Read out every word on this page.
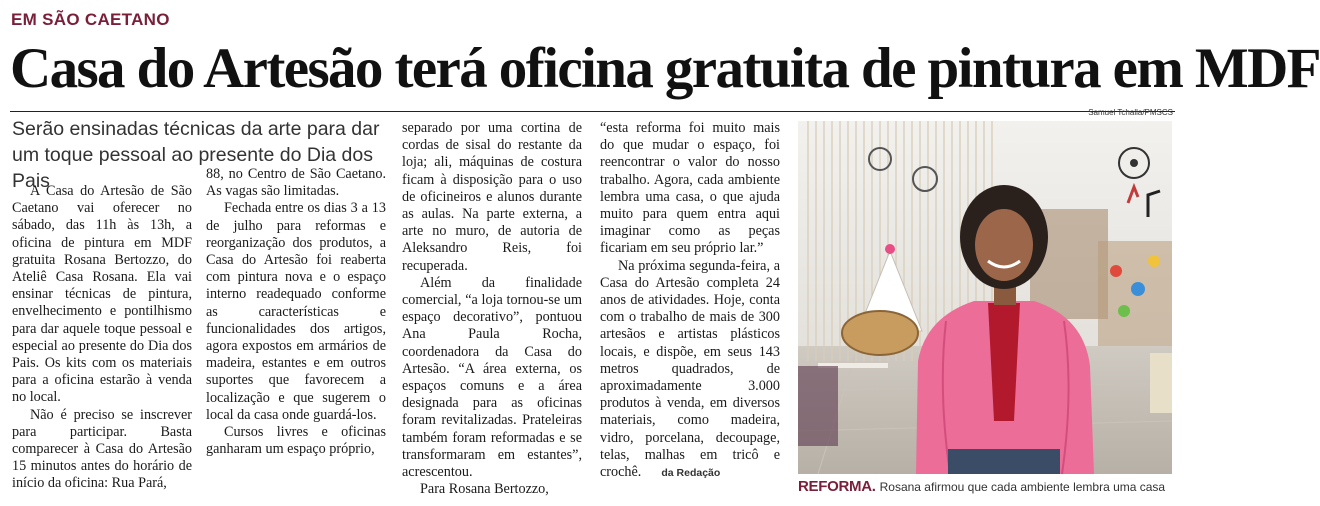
EM SÃO CAETANO
Casa do Artesão terá oficina gratuita de pintura em MDF
Serão ensinadas técnicas da arte para dar um toque pessoal ao presente do Dia dos Pais

A Casa do Artesão de São Caetano vai oferecer no sábado, das 11h às 13h, a oficina de pintura em MDF gratuita Rosana Bertozzo, do Ateliê Casa Rosana. Ela vai ensinar técnicas de pintura, envelhecimento e pontilhismo para dar aquele toque pessoal e especial ao presente do Dia dos Pais. Os kits com os materiais para a oficina estarão à venda no local.

Não é preciso se inscrever para participar. Basta comparecer à Casa do Artesão 15 minutos antes do horário de início da oficina: Rua Pará,

88, no Centro de São Caetano. As vagas são limitadas.

Fechada entre os dias 3 a 13 de julho para reformas e reorganização dos produtos, a Casa do Artesão foi reaberta com pintura nova e o espaço interno readequado conforme as características e funcionalidades dos artigos, agora expostos em armários de madeira, estantes e em outros suportes que favorecem a localização e que sugerem o local da casa onde guardá-los.

Cursos livres e oficinas ganharam um espaço próprio,

separado por uma cortina de cordas de sisal do restante da loja; ali, máquinas de costura ficam à disposição para o uso de oficineiros e alunos durante as aulas. Na parte externa, a arte no muro, de autoria de Aleksandro Reis, foi recuperada.

Além da finalidade comercial, “a loja tornou-se um espaço decorativo”, pontuou Ana Paula Rocha, coordenadora da Casa do Artesão. “A área externa, os espaços comuns e a área designada para as oficinas foram revitalizadas. Prateleiras também foram reformadas e se transformaram em estantes”, acrescentou.

Para Rosana Bertozzo,

“esta reforma foi muito mais do que mudar o espaço, foi reencontrar o valor do nosso trabalho. Agora, cada ambiente lembra uma casa, o que ajuda muito para quem entra aqui imaginar como as peças ficariam em seu próprio lar.”

Na próxima segunda-feira, a Casa do Artesão completa 24 anos de atividades. Hoje, conta com o trabalho de mais de 300 artesãos e artistas plásticos locais, e dispõe, em seus 143 metros quadrados, de aproximadamente 3.000 produtos à venda, em diversos materiais, como madeira, vidro, porcelana, decoupage, telas, malhas em tricô e crochê. da Redação

Samuel Tchalla/PMSCS
REFORMA. Rosana afirmou que cada ambiente lembra uma casa
